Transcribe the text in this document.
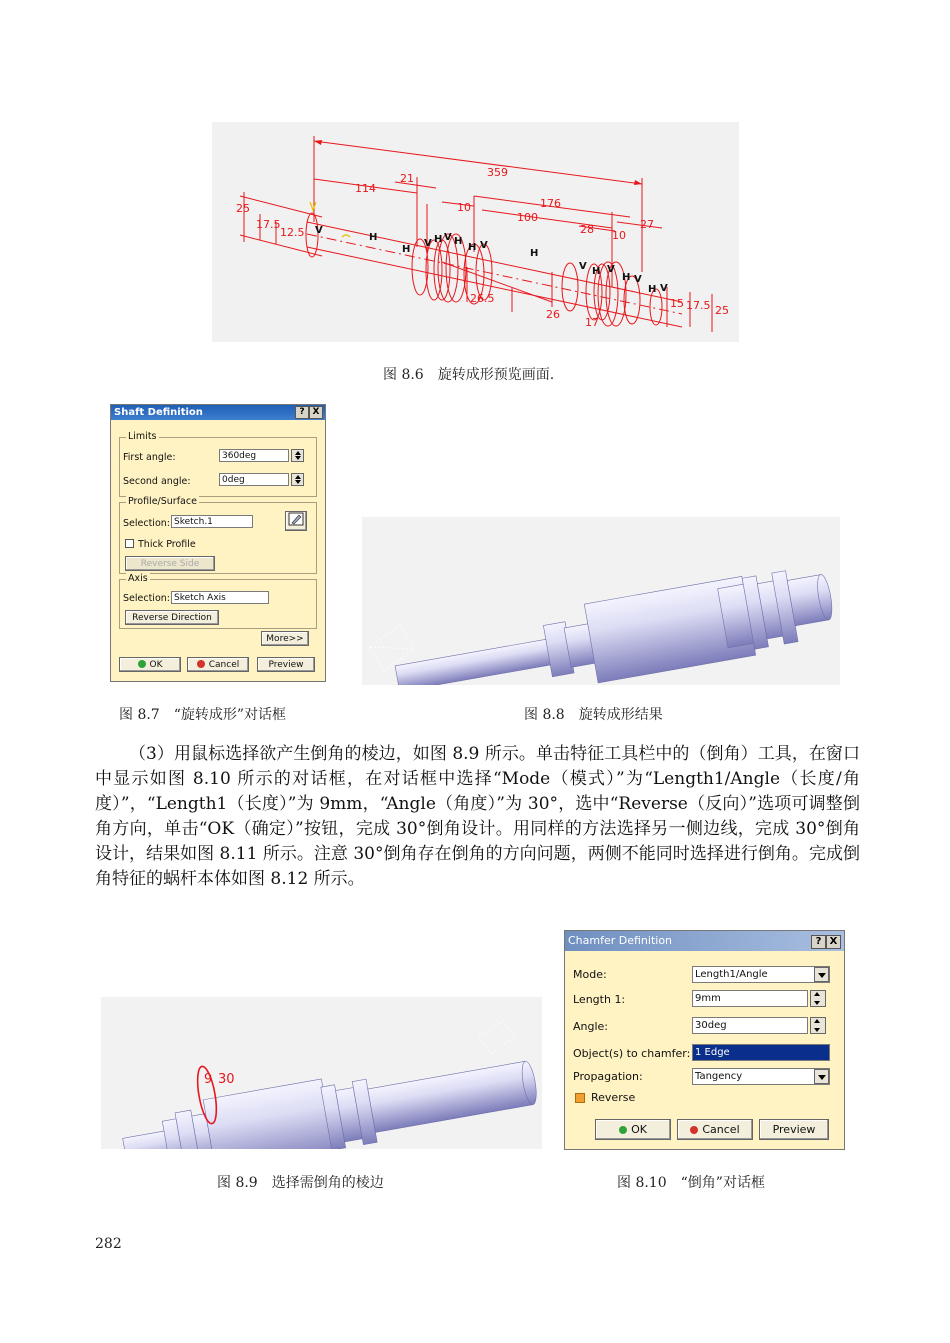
359
114
21
176
10
100
28 10
27
25
17.5
12.5
25
17.5
15
26
26.5
17
V
H
H
V H V H
H V
H
V H V
H V
H V
图 8.6 旋转成形预览画面.
Shaft Definition	? X
Limits
First angle:	360deg
Second angle:	0deg
Profile/Surface
Selection: Sketch.1
Thick Profile
Reverse Side
Axis
Selection: Sketch Axis
Reverse Direction
More>>
OK	Cancel	Preview
图 8.7 “旋转成形”对话框	图 8.8 旋转成形结果

（3）用鼠标选择欲产生倒角的棱边，如图 8.9 所示。单击特征工具栏中的（倒角）工具，在窗口中显示如图 8.10 所示的对话框，在对话框中选择“Mode（模式）”为“Length1/Angle（长度/角度）”，“Length1（长度）”为 9mm，“Angle（角度）”为 30°，选中“Reverse（反向）”选项可调整倒角方向，单击“OK（确定）”按钮，完成 30°倒角设计。用同样的方法选择另一侧边线，完成 30°倒角设计，结果如图 8.11 所示。注意 30°倒角存在倒角的方向问题，两侧不能同时选择进行倒角。完成倒角特征的蜗杆本体如图 8.12 所示。

9 30
图 8.9 选择需倒角的棱边
Chamfer Definition	? X
Mode:	Length1/Angle
Length 1:	9mm
Angle:	30deg
Object(s) to chamfer: 1 Edge
Propagation:	Tangency
Reverse
OK	Cancel	Preview
图 8.10 “倒角”对话框
282
